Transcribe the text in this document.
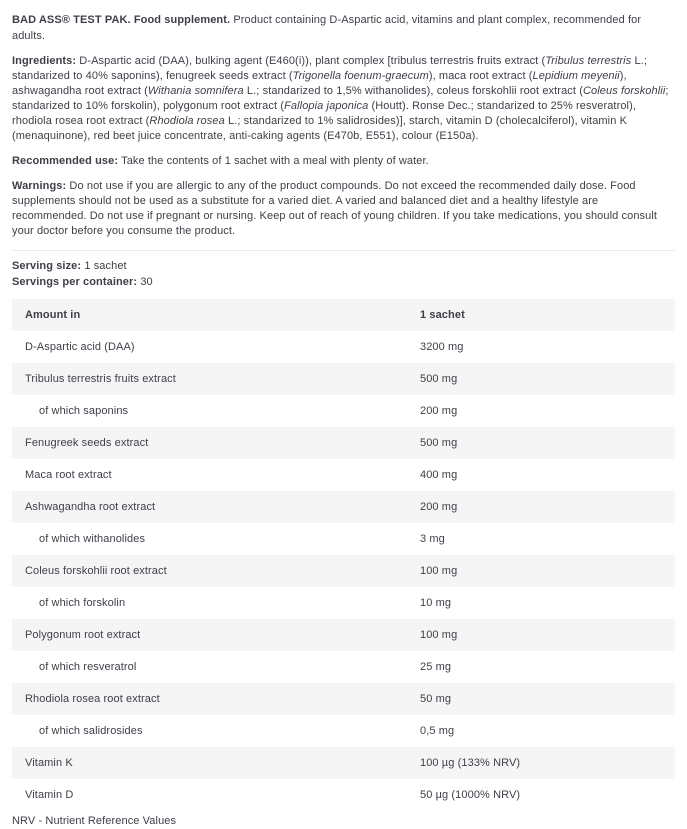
BAD ASS® TEST PAK. Food supplement. Product containing D-Aspartic acid, vitamins and plant complex, recommended for adults.

Ingredients: D-Aspartic acid (DAA), bulking agent (E460(i)), plant complex [tribulus terrestris fruits extract (Tribulus terrestris L.; standarized to 40% saponins), fenugreek seeds extract (Trigonella foenum-graecum), maca root extract (Lepidium meyenii), ashwagandha root extract (Withania somnifera L.; standarized to 1,5% withanolides), coleus forskohlii root extract (Coleus forskohlii; standarized to 10% forskolin), polygonum root extract (Fallopia japonica (Houtt). Ronse Dec.; standarized to 25% resveratrol), rhodiola rosea root extract (Rhodiola rosea L.; standarized to 1% salidrosides)], starch, vitamin D (cholecalciferol), vitamin K (menaquinone), red beet juice concentrate, anti-caking agents (E470b, E551), colour (E150a).

Recommended use: Take the contents of 1 sachet with a meal with plenty of water.

Warnings: Do not use if you are allergic to any of the product compounds. Do not exceed the recommended daily dose. Food supplements should not be used as a substitute for a varied diet. A varied and balanced diet and a healthy lifestyle are recommended. Do not use if pregnant or nursing. Keep out of reach of young children. If you take medications, you should consult your doctor before you consume the product.

Serving size: 1 sachet

Servings per container: 30

Amount in	1 sachet
D-Aspartic acid (DAA)	3200 mg
Tribulus terrestris fruits extract	500 mg
of which saponins	200 mg
Fenugreek seeds extract	500 mg
Maca root extract	400 mg
Ashwagandha root extract	200 mg
of which withanolides	3 mg
Coleus forskohlii root extract	100 mg
of which forskolin	10 mg
Polygonum root extract	100 mg
of which resveratrol	25 mg
Rhodiola rosea root extract	50 mg
of which salidrosides	0,5 mg
Vitamin K	100 µg (133% NRV)
Vitamin D	50 µg (1000% NRV)

NRV - Nutrient Reference Values
